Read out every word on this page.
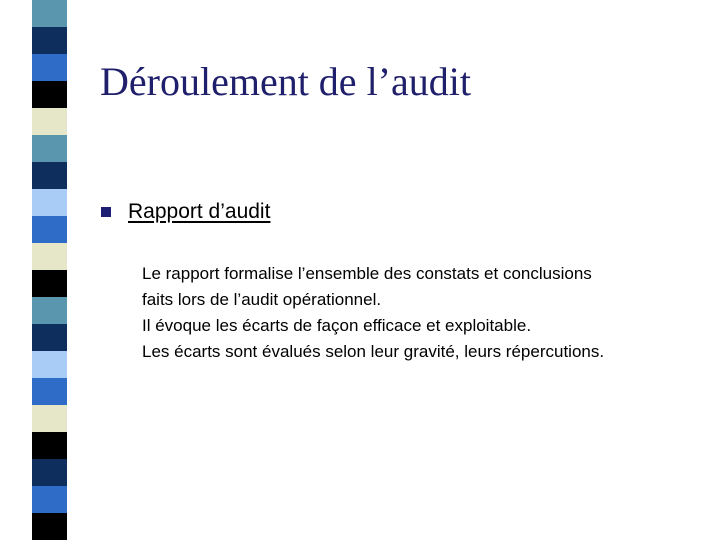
Déroulement de l’audit
Rapport d’audit
Le rapport formalise l’ensemble des constats et conclusions
faits lors de l’audit opérationnel.
Il évoque les écarts de façon efficace et exploitable.
Les écarts sont évalués selon leur gravité, leurs répercutions.
